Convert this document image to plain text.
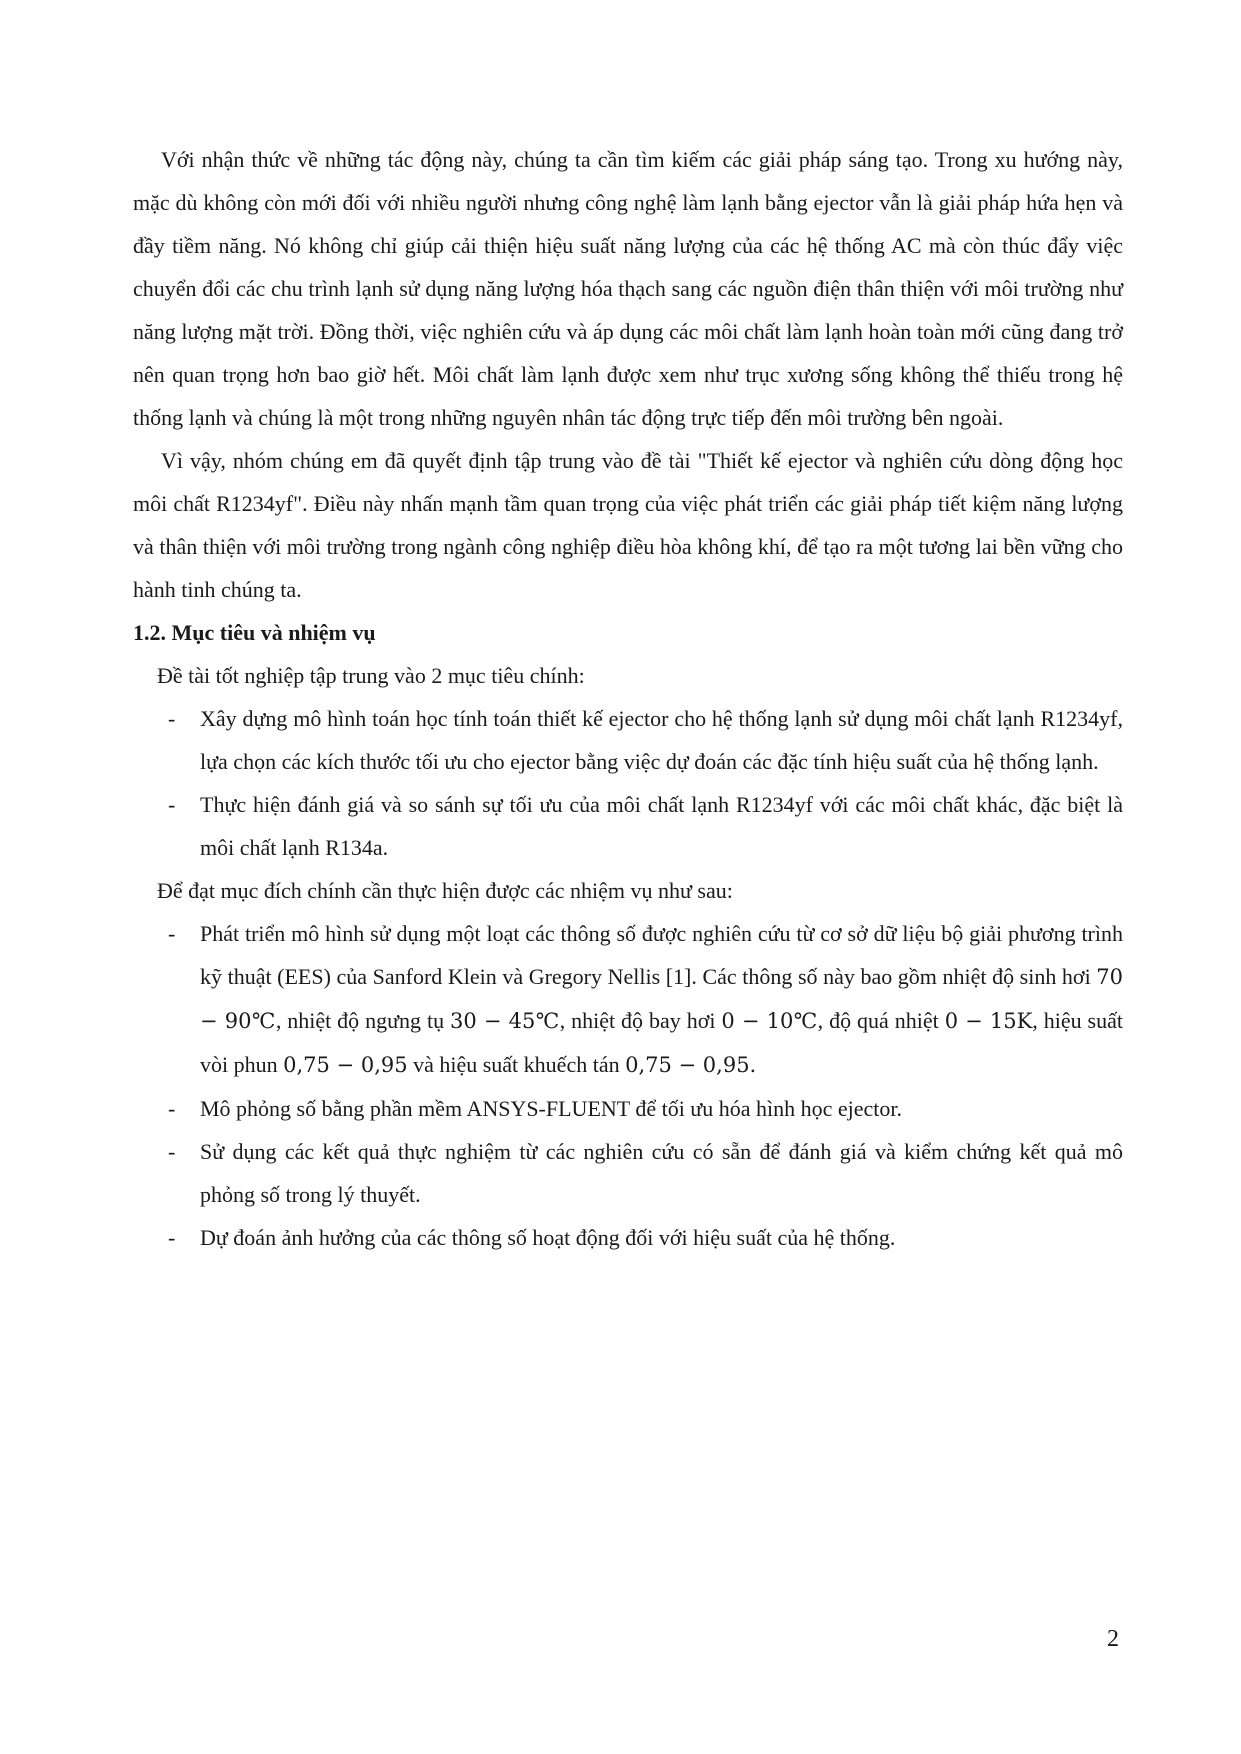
Với nhận thức về những tác động này, chúng ta cần tìm kiếm các giải pháp sáng tạo. Trong xu hướng này, mặc dù không còn mới đối với nhiều người nhưng công nghệ làm lạnh bằng ejector vẫn là giải pháp hứa hẹn và đầy tiềm năng. Nó không chỉ giúp cải thiện hiệu suất năng lượng của các hệ thống AC mà còn thúc đẩy việc chuyển đổi các chu trình lạnh sử dụng năng lượng hóa thạch sang các nguồn điện thân thiện với môi trường như năng lượng mặt trời. Đồng thời, việc nghiên cứu và áp dụng các môi chất làm lạnh hoàn toàn mới cũng đang trở nên quan trọng hơn bao giờ hết. Môi chất làm lạnh được xem như trục xương sống không thể thiếu trong hệ thống lạnh và chúng là một trong những nguyên nhân tác động trực tiếp đến môi trường bên ngoài.

Vì vậy, nhóm chúng em đã quyết định tập trung vào đề tài "Thiết kế ejector và nghiên cứu dòng động học môi chất R1234yf". Điều này nhấn mạnh tầm quan trọng của việc phát triển các giải pháp tiết kiệm năng lượng và thân thiện với môi trường trong ngành công nghiệp điều hòa không khí, để tạo ra một tương lai bền vững cho hành tinh chúng ta.

1.2. Mục tiêu và nhiệm vụ

Đề tài tốt nghiệp tập trung vào 2 mục tiêu chính:

-	Xây dựng mô hình toán học tính toán thiết kế ejector cho hệ thống lạnh sử dụng môi chất lạnh R1234yf, lựa chọn các kích thước tối ưu cho ejector bằng việc dự đoán các đặc tính hiệu suất của hệ thống lạnh.
-	Thực hiện đánh giá và so sánh sự tối ưu của môi chất lạnh R1234yf với các môi chất khác, đặc biệt là môi chất lạnh R134a.

Để đạt mục đích chính cần thực hiện được các nhiệm vụ như sau:

-	Phát triển mô hình sử dụng một loạt các thông số được nghiên cứu từ cơ sở dữ liệu bộ giải phương trình kỹ thuật (EES) của Sanford Klein và Gregory Nellis [1]. Các thông số này bao gồm nhiệt độ sinh hơi 70 − 90℃, nhiệt độ ngưng tụ 30 − 45℃, nhiệt độ bay hơi 0 − 10℃, độ quá nhiệt 0 − 15K, hiệu suất vòi phun 0,75 − 0,95 và hiệu suất khuếch tán 0,75 − 0,95.
-	Mô phỏng số bằng phần mềm ANSYS-FLUENT để tối ưu hóa hình học ejector.
-	Sử dụng các kết quả thực nghiệm từ các nghiên cứu có sẵn để đánh giá và kiểm chứng kết quả mô phỏng số trong lý thuyết.
-	Dự đoán ảnh hưởng của các thông số hoạt động đối với hiệu suất của hệ thống.
2
